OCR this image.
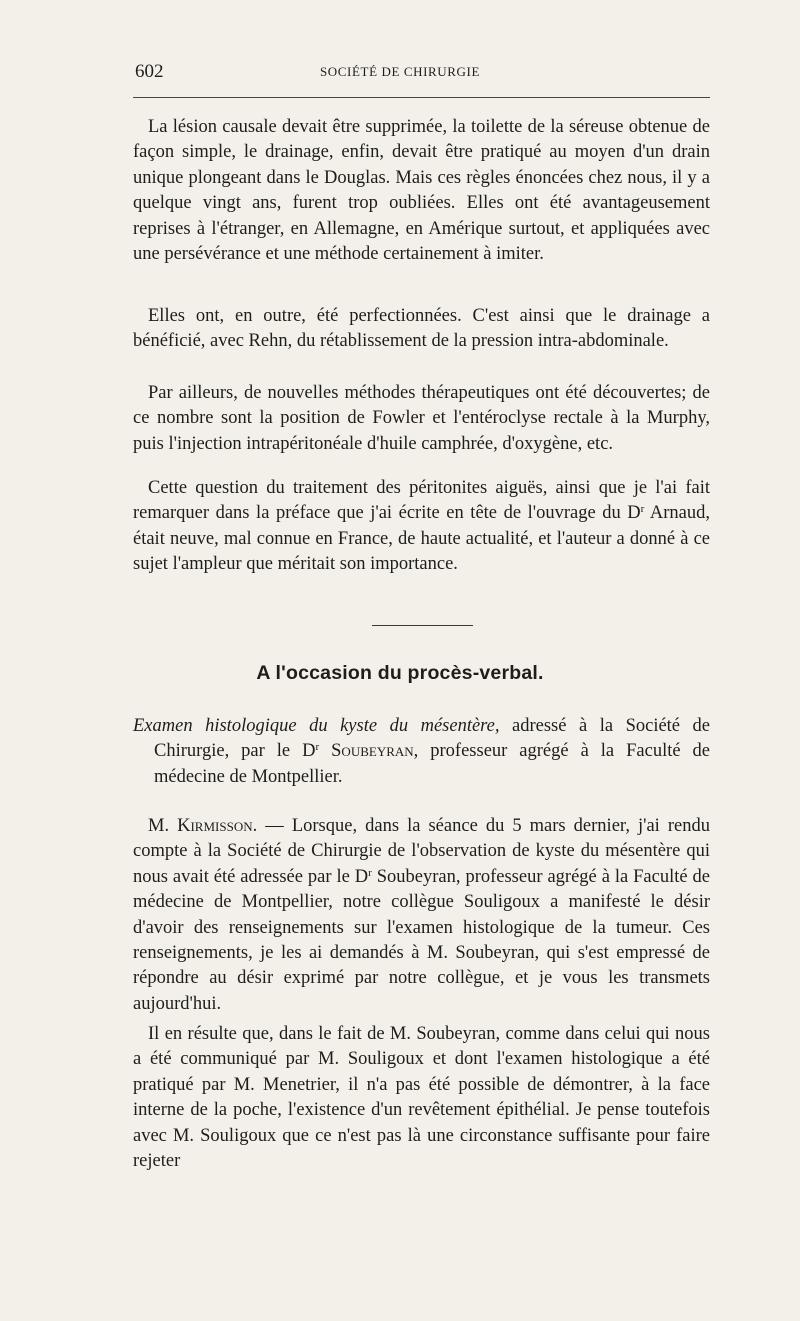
602	SOCIÉTÉ DE CHIRURGIE

La lésion causale devait être supprimée, la toilette de la séreuse obtenue de façon simple, le drainage, enfin, devait être pratiqué au moyen d'un drain unique plongeant dans le Douglas. Mais ces règles énoncées chez nous, il y a quelque vingt ans, furent trop oubliées. Elles ont été avantageusement reprises à l'étranger, en Allemagne, en Amérique surtout, et appliquées avec une persévérance et une méthode certainement à imiter.

Elles ont, en outre, été perfectionnées. C'est ainsi que le drainage a bénéficié, avec Rehn, du rétablissement de la pression intra-abdominale.

Par ailleurs, de nouvelles méthodes thérapeutiques ont été découvertes; de ce nombre sont la position de Fowler et l'entéroclyse rectale à la Murphy, puis l'injection intrapéritonéale d'huile camphrée, d'oxygène, etc.

Cette question du traitement des péritonites aiguës, ainsi que je l'ai fait remarquer dans la préface que j'ai écrite en tête de l'ouvrage du $D^r$ Arnaud, était neuve, mal connue en France, de haute actualité, et l'auteur a donné à ce sujet l'ampleur que méritait son importance.

A l'occasion du procès-verbal.
Examen histologique du kyste du mésentère, adressé à la Société de Chirurgie, par le $D^r$ Soubeyran, professeur agrégé à la Faculté de médecine de Montpellier.

M. Kirmisson. — Lorsque, dans la séance du 5 mars dernier, j'ai rendu compte à la Société de Chirurgie de l'observation de kyste du mésentère qui nous avait été adressée par le $D^r$ Soubeyran, professeur agrégé à la Faculté de médecine de Montpellier, notre collègue Souligoux a manifesté le désir d'avoir des renseignements sur l'examen histologique de la tumeur. Ces renseignements, je les ai demandés à M. Soubeyran, qui s'est empressé de répondre au désir exprimé par notre collègue, et je vous les transmets aujourd'hui.

Il en résulte que, dans le fait de M. Soubeyran, comme dans celui qui nous a été communiqué par M. Souligoux et dont l'examen histologique a été pratiqué par M. Menetrier, il n'a pas été possible de démontrer, à la face interne de la poche, l'existence d'un revêtement épithélial. Je pense toutefois avec M. Souligoux que ce n'est pas là une circonstance suffisante pour faire rejeter
